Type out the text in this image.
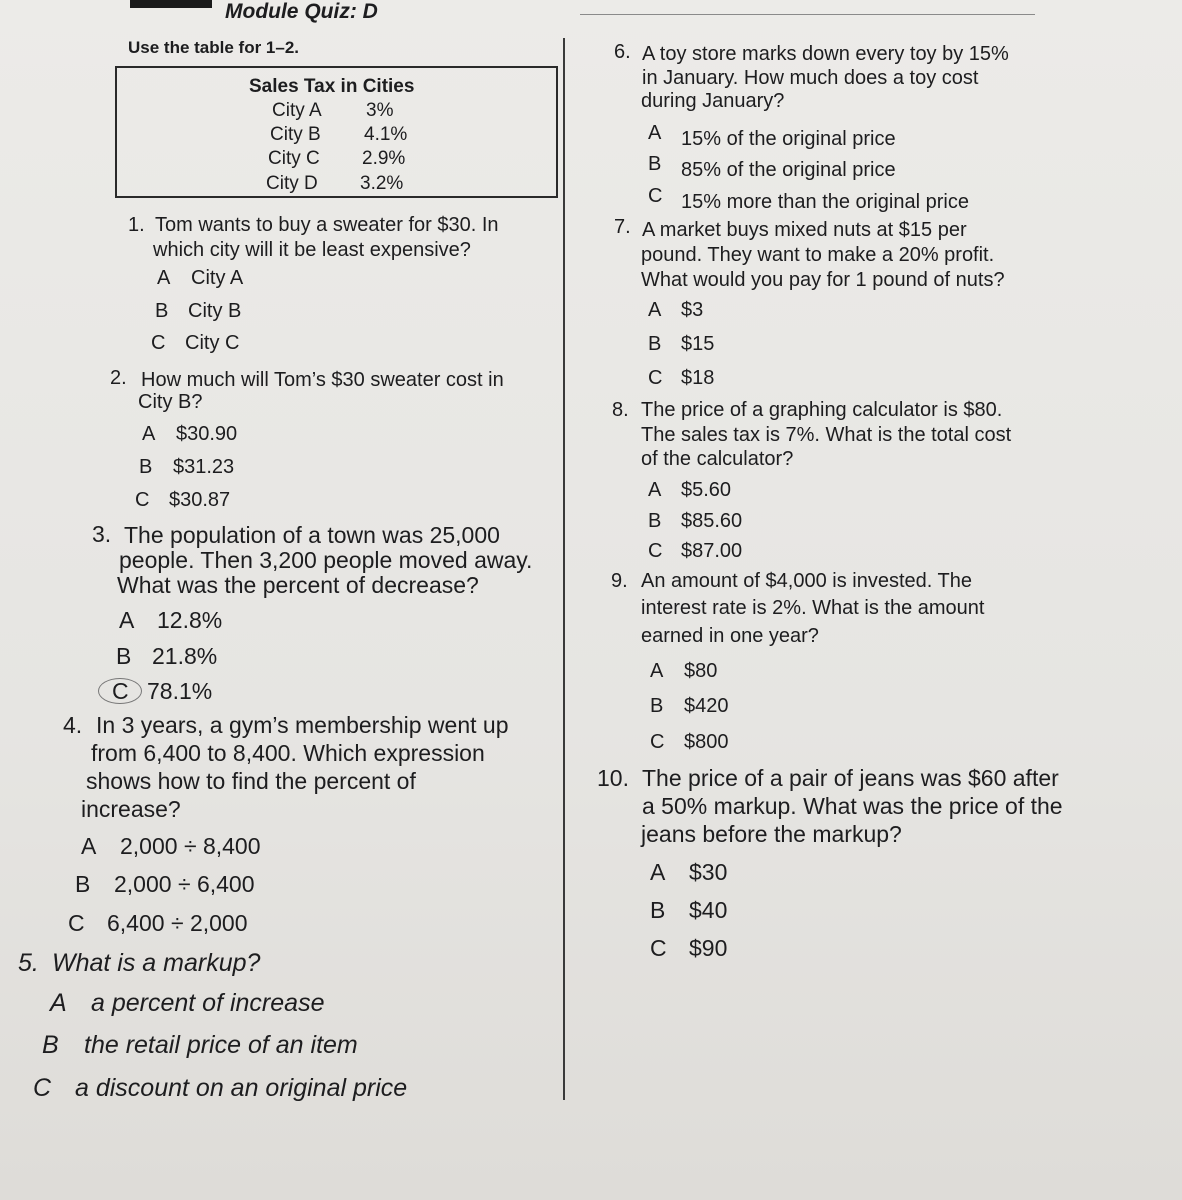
Module Quiz: D
Use the table for 1–2.
Sales Tax in Cities
City A 3%
City B 4.1%
City C 2.9%
City D 3.2%
1. Tom wants to buy a sweater for $30. In
which city will it be least expensive?
A City A
B City B
C City C
2. How much will Tom’s $30 sweater cost in
City B?
A $30.90
B $31.23
C $30.87
3. The population of a town was 25,000
people. Then 3,200 people moved away.
What was the percent of decrease?
A 12.8%
B 21.8%
C 78.1%
4. In 3 years, a gym’s membership went up
from 6,400 to 8,400. Which expression
shows how to find the percent of
increase?
A 2,000 ÷ 8,400
B 2,000 ÷ 6,400
C 6,400 ÷ 2,000
5. What is a markup?
A a percent of increase
B the retail price of an item
C a discount on an original price
6. A toy store marks down every toy by 15%
in January. How much does a toy cost
during January?
A 15% of the original price
B 85% of the original price
C 15% more than the original price
7. A market buys mixed nuts at $15 per
pound. They want to make a 20% profit.
What would you pay for 1 pound of nuts?
A $3
B $15
C $18
8. The price of a graphing calculator is $80.
The sales tax is 7%. What is the total cost
of the calculator?
A $5.60
B $85.60
C $87.00
9. An amount of $4,000 is invested. The
interest rate is 2%. What is the amount
earned in one year?
A $80
B $420
C $800
10. The price of a pair of jeans was $60 after
a 50% markup. What was the price of the
jeans before the markup?
A $30
B $40
C $90
